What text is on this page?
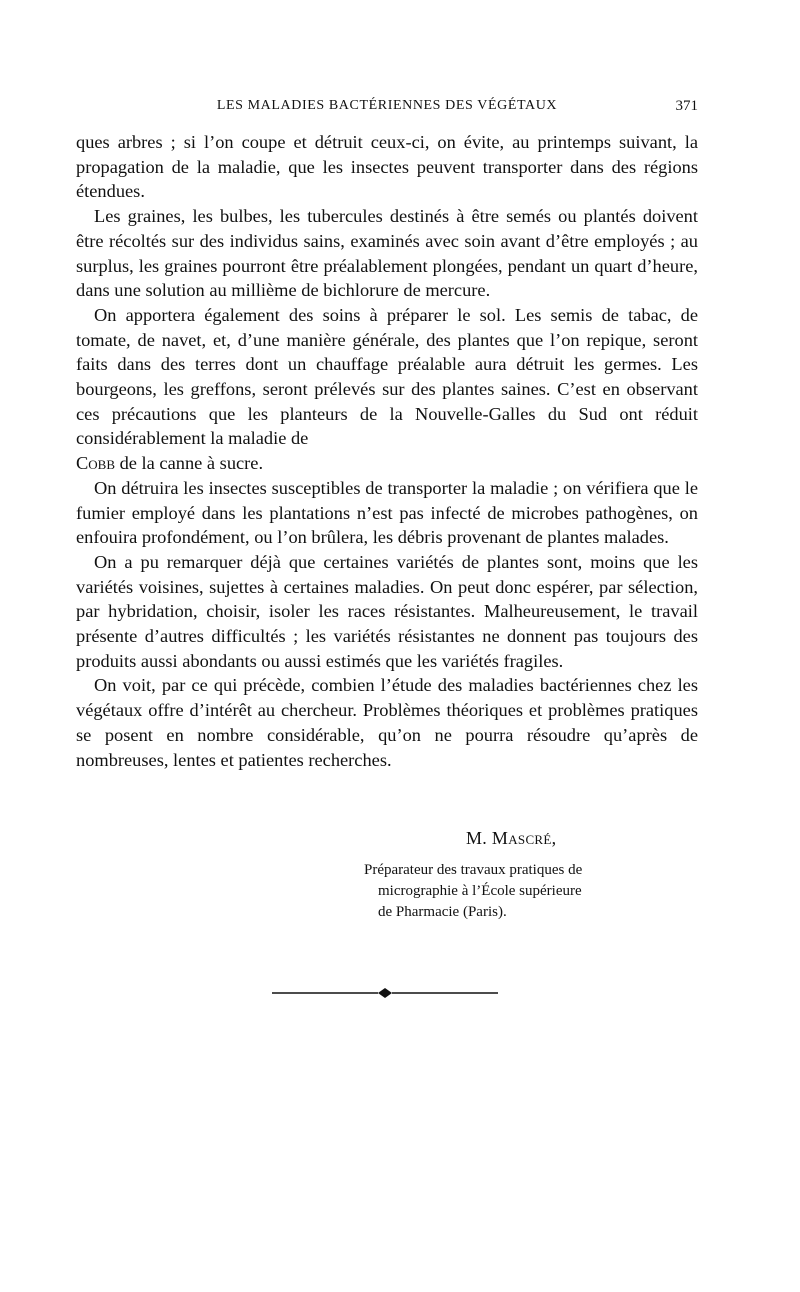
LES MALADIES BACTÉRIENNES DES VÉGÉTAUX	371

ques arbres ; si l’on coupe et détruit ceux-ci, on évite, au printemps suivant, la propagation de la maladie, que les insectes peuvent transporter dans des régions étendues.

Les graines, les bulbes, les tubercules destinés à être semés ou plantés doivent être récoltés sur des individus sains, examinés avec soin avant d’être employés ; au surplus, les graines pourront être préalablement plongées, pendant un quart d’heure, dans une solution au millième de bichlorure de mercure.

On apportera également des soins à préparer le sol. Les semis de tabac, de tomate, de navet, et, d’une manière générale, des plantes que l’on repique, seront faits dans des terres dont un chauffage préalable aura détruit les germes. Les bourgeons, les greffons, seront prélevés sur des plantes saines. C’est en observant ces précautions que les planteurs de la Nouvelle-Galles du Sud ont réduit considérablement la maladie de
Cobb de la canne à sucre.

On détruira les insectes susceptibles de transporter la maladie ; on vérifiera que le fumier employé dans les plantations n’est pas infecté de microbes pathogènes, on enfouira profondément, ou l’on brûlera, les débris provenant de plantes malades.

On a pu remarquer déjà que certaines variétés de plantes sont, moins que les variétés voisines, sujettes à certaines maladies. On peut donc espérer, par sélection, par hybridation, choisir, isoler les races résistantes. Malheureusement, le travail présente d’autres difficultés ; les variétés résistantes ne donnent pas toujours des produits aussi abondants ou aussi estimés que les variétés fragiles.

On voit, par ce qui précède, combien l’étude des maladies bactériennes chez les végétaux offre d’intérêt au chercheur. Problèmes théoriques et problèmes pratiques se posent en nombre considérable, qu’on ne pourra résoudre qu’après de nombreuses, lentes et patientes recherches.

M. Mascré,
Préparateur des travaux pratiques de
micrographie à l’École supérieure
de Pharmacie (Paris).
